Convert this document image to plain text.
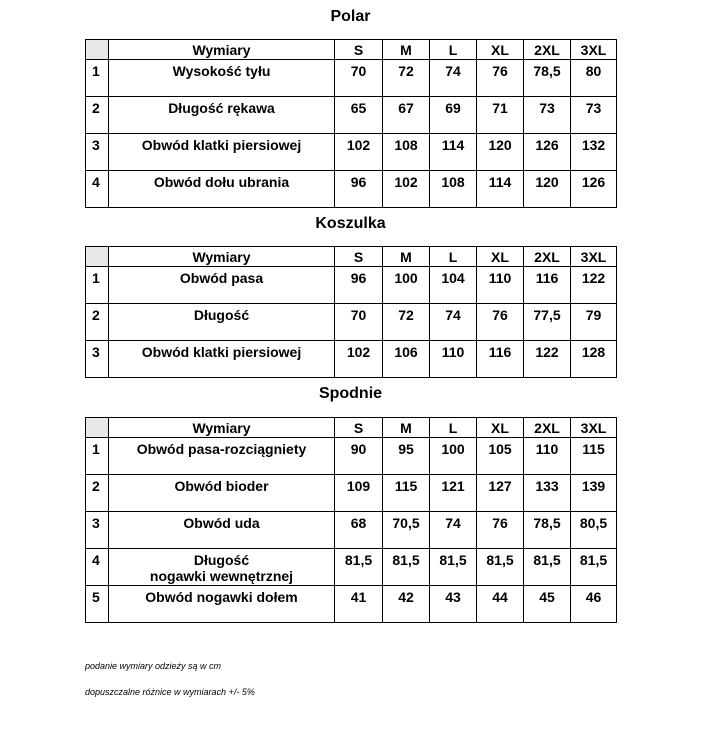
Polar
	Wymiary	S	M	L	XL	2XL	3XL
1	Wysokość tyłu	70	72	74	76	78,5	80
2	Długość rękawa	65	67	69	71	73	73
3	Obwód klatki piersiowej	102	108	114	120	126	132
4	Obwód dołu ubrania	96	102	108	114	120	126
Koszulka
	Wymiary	S	M	L	XL	2XL	3XL
1	Obwód pasa	96	100	104	110	116	122
2	Długość	70	72	74	76	77,5	79
3	Obwód klatki piersiowej	102	106	110	116	122	128
Spodnie
	Wymiary	S	M	L	XL	2XL	3XL
1	Obwód pasa-rozciągniety	90	95	100	105	110	115
2	Obwód bioder	109	115	121	127	133	139
3	Obwód uda	68	70,5	74	76	78,5	80,5
4	Długość
nogawki wewnętrznej	81,5	81,5	81,5	81,5	81,5	81,5
5	Obwód nogawki dołem	41	42	43	44	45	46
podanie wymiary odzieży są w cm
dopuszczalne różnice w wymiarach +/- 5%
